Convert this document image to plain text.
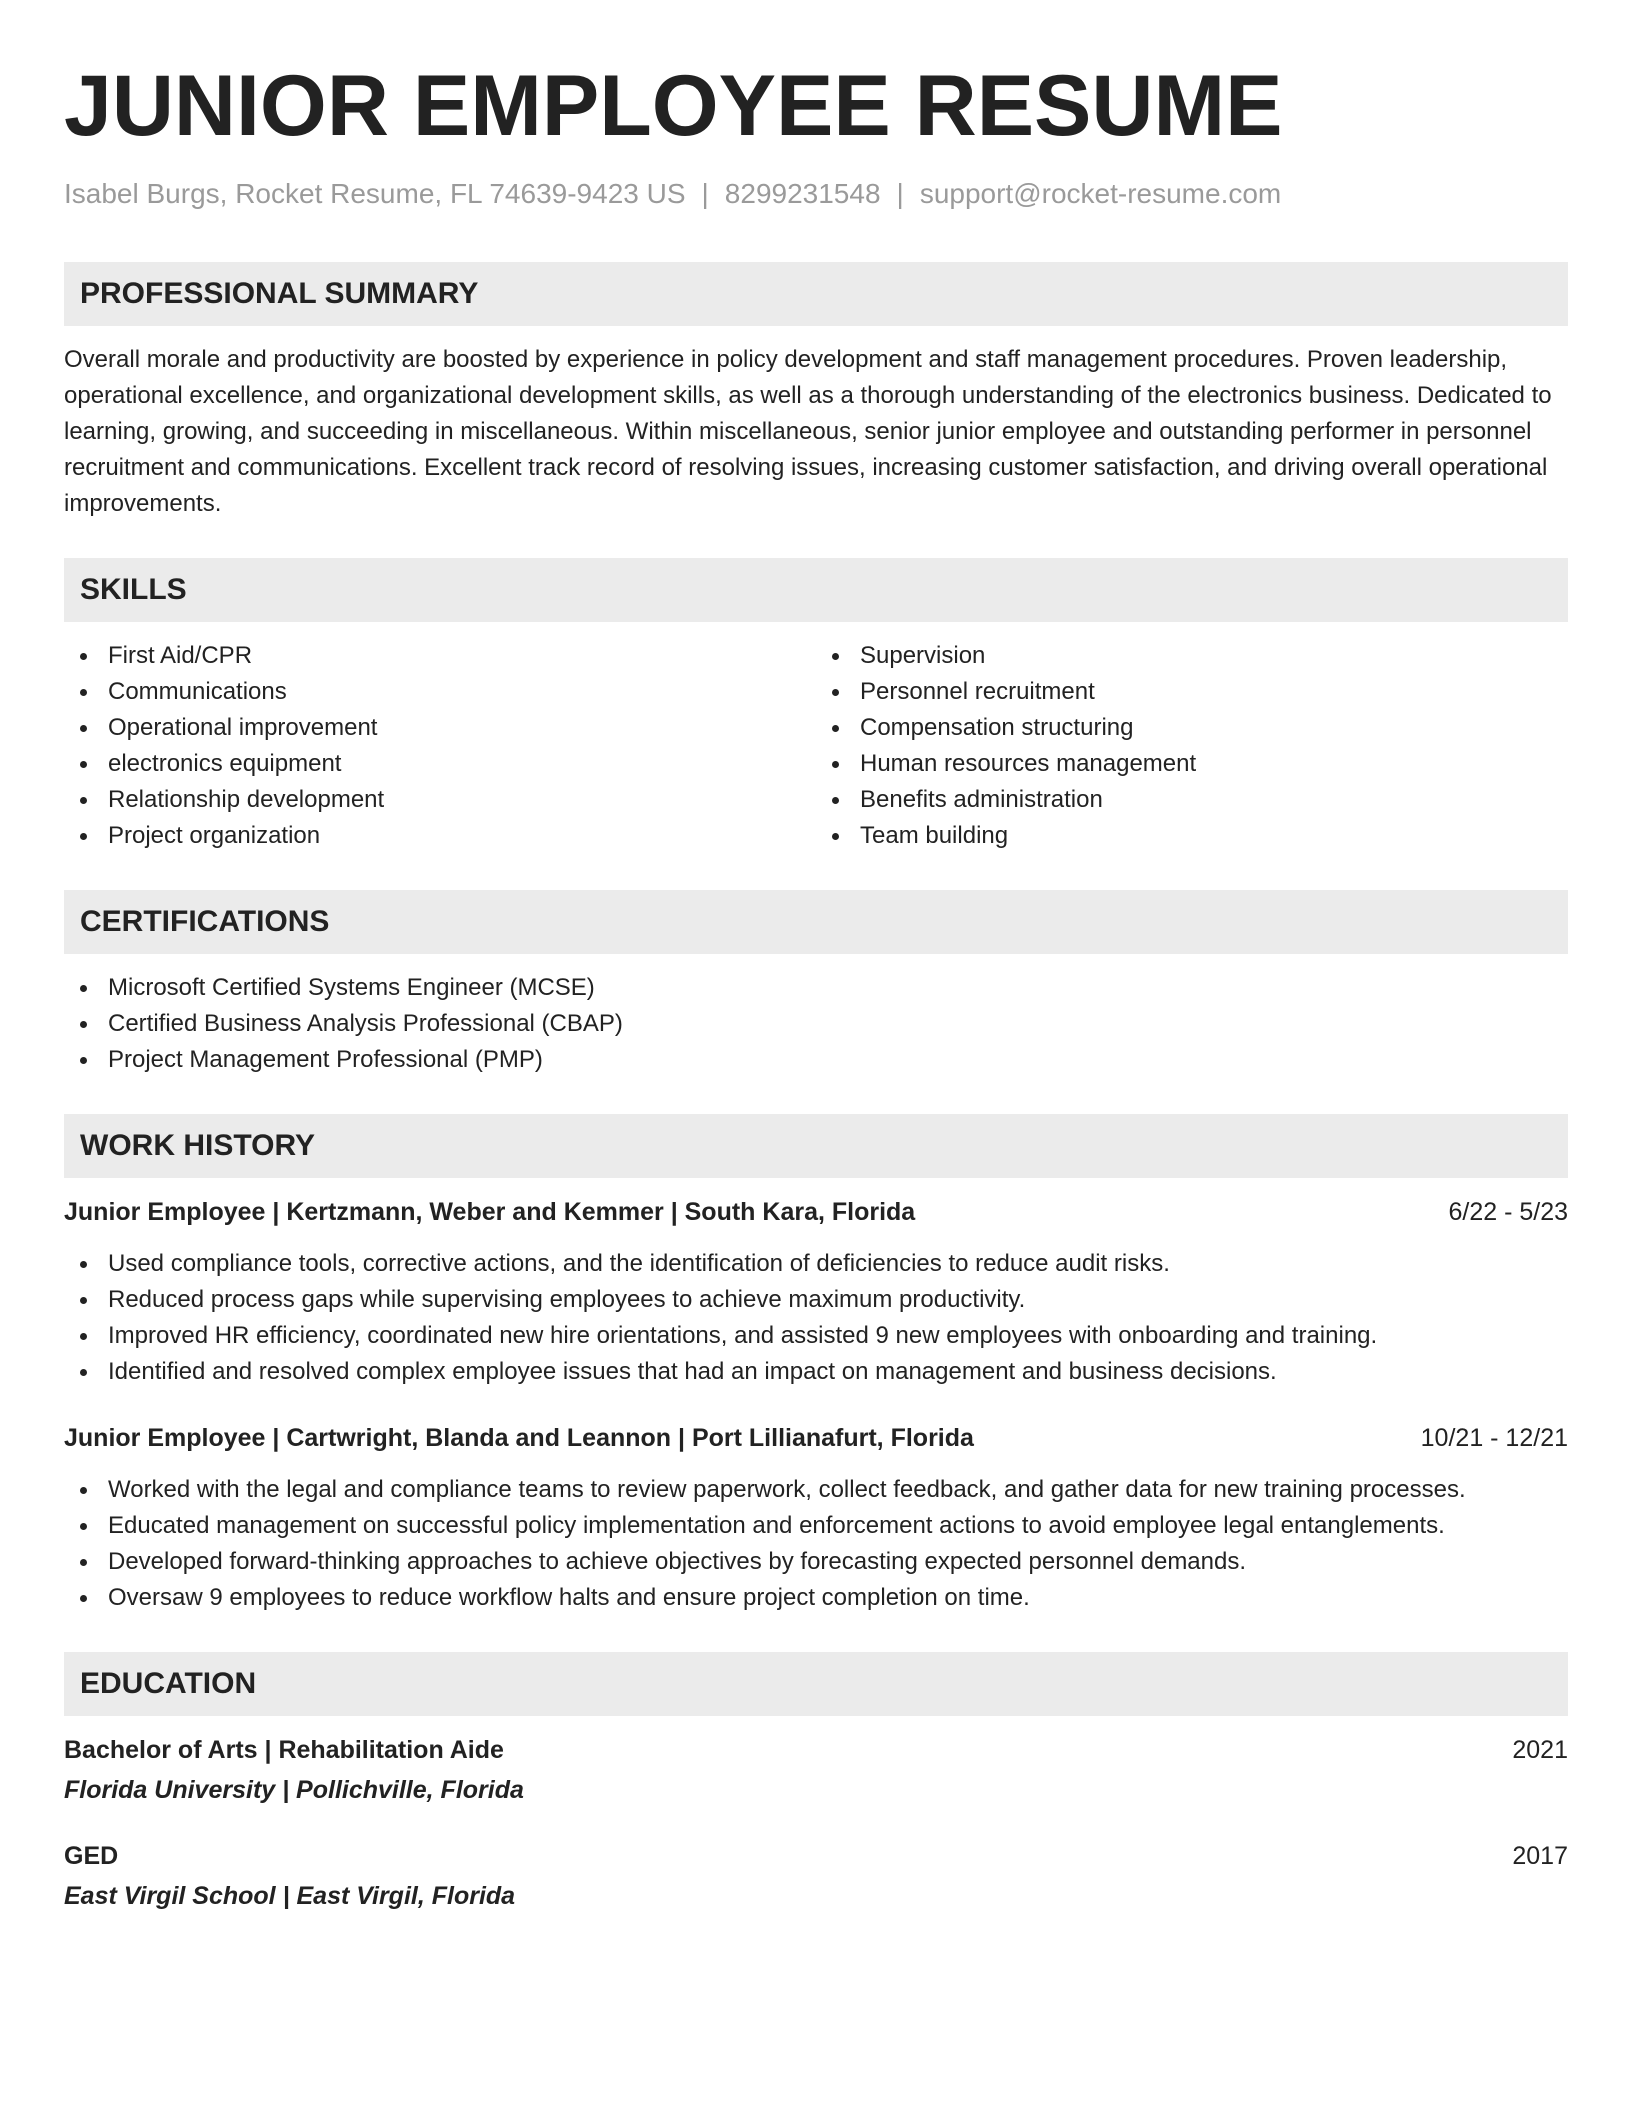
JUNIOR EMPLOYEE RESUME
Isabel Burgs, Rocket Resume, FL 74639-9423 US | 8299231548 | support@rocket-resume.com
PROFESSIONAL SUMMARY
Overall morale and productivity are boosted by experience in policy development and staff management procedures. Proven leadership, operational excellence, and organizational development skills, as well as a thorough understanding of the electronics business. Dedicated to learning, growing, and succeeding in miscellaneous. Within miscellaneous, senior junior employee and outstanding performer in personnel recruitment and communications. Excellent track record of resolving issues, increasing customer satisfaction, and driving overall operational improvements.
SKILLS
First Aid/CPR
Communications
Operational improvement
electronics equipment
Relationship development
Project organization
Supervision
Personnel recruitment
Compensation structuring
Human resources management
Benefits administration
Team building
CERTIFICATIONS
Microsoft Certified Systems Engineer (MCSE)
Certified Business Analysis Professional (CBAP)
Project Management Professional (PMP)
WORK HISTORY
Junior Employee | Kertzmann, Weber and Kemmer | South Kara, Florida	6/22 - 5/23
Used compliance tools, corrective actions, and the identification of deficiencies to reduce audit risks.
Reduced process gaps while supervising employees to achieve maximum productivity.
Improved HR efficiency, coordinated new hire orientations, and assisted 9 new employees with onboarding and training.
Identified and resolved complex employee issues that had an impact on management and business decisions.
Junior Employee | Cartwright, Blanda and Leannon | Port Lillianafurt, Florida	10/21 - 12/21
Worked with the legal and compliance teams to review paperwork, collect feedback, and gather data for new training processes.
Educated management on successful policy implementation and enforcement actions to avoid employee legal entanglements.
Developed forward-thinking approaches to achieve objectives by forecasting expected personnel demands.
Oversaw 9 employees to reduce workflow halts and ensure project completion on time.
EDUCATION
Bachelor of Arts | Rehabilitation Aide	2021
Florida University | Pollichville, Florida
GED	2017
East Virgil School | East Virgil, Florida
